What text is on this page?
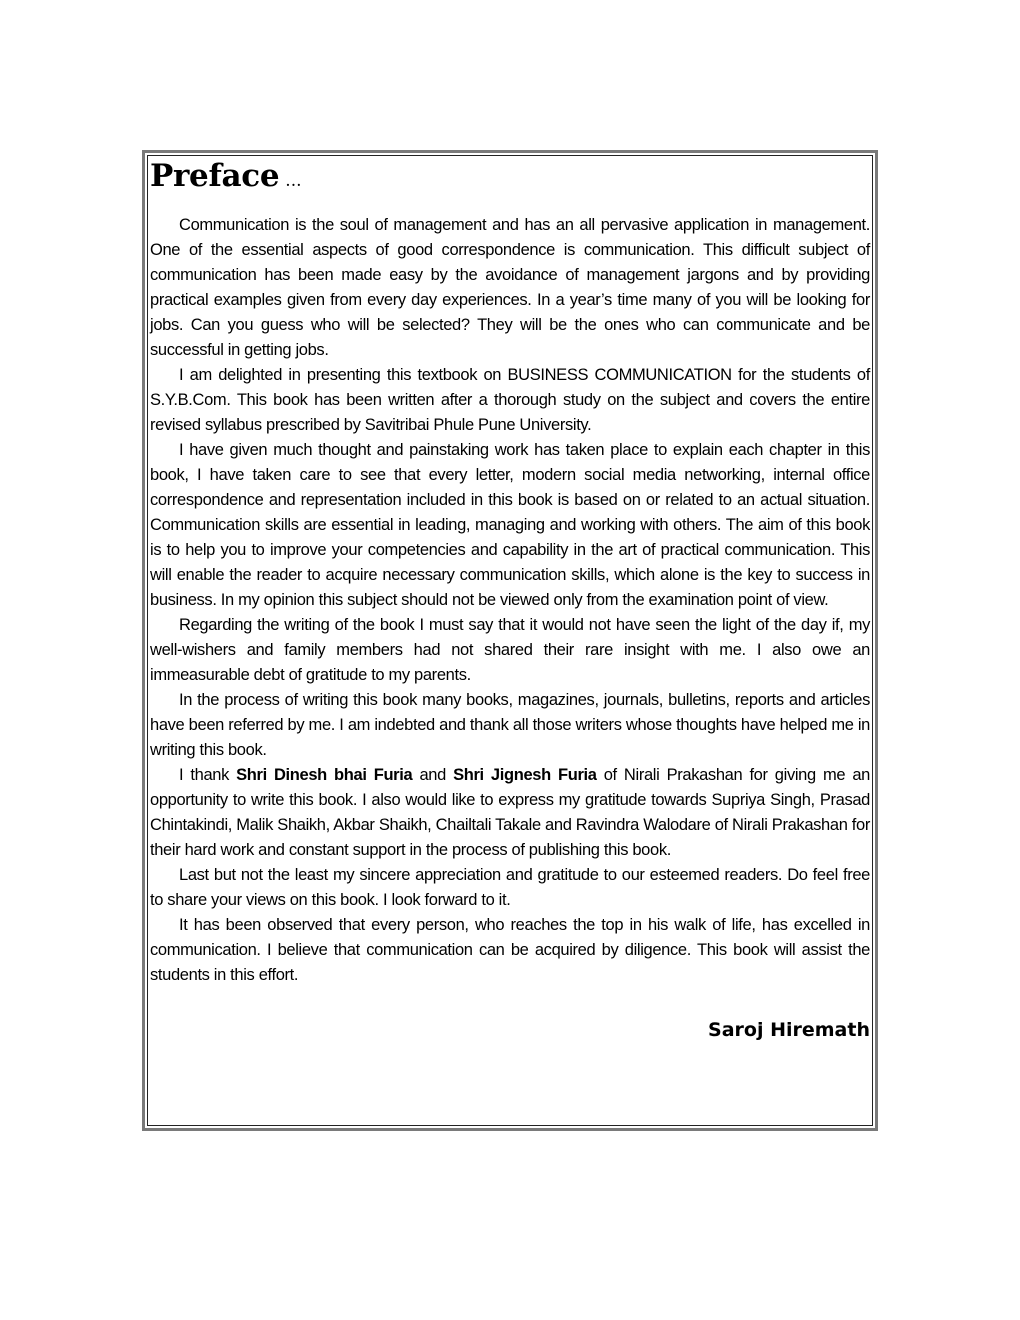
Preface ...

Communication is the soul of management and has an all pervasive application in management. One of the essential aspects of good correspondence is communication. This difficult subject of communication has been made easy by the avoidance of management jargons and by providing practical examples given from every day experiences. In a year’s time many of you will be looking for jobs. Can you guess who will be selected? They will be the ones who can communicate and be successful in getting jobs.

I am delighted in presenting this textbook on BUSINESS COMMUNICATION for the students of S.Y.B.Com. This book has been written after a thorough study on the subject and covers the entire revised syllabus prescribed by Savitribai Phule Pune University.

I have given much thought and painstaking work has taken place to explain each chapter in this book, I have taken care to see that every letter, modern social media networking, internal office correspondence and representation included in this book is based on or related to an actual situation. Communication skills are essential in leading, managing and working with others. The aim of this book is to help you to improve your competencies and capability in the art of practical communication. This will enable the reader to acquire necessary communication skills, which alone is the key to success in business. In my opinion this subject should not be viewed only from the examination point of view.

Regarding the writing of the book I must say that it would not have seen the light of the day if, my well-wishers and family members had not shared their rare insight with me. I also owe an immeasurable debt of gratitude to my parents.

In the process of writing this book many books, magazines, journals, bulletins, reports and articles have been referred by me. I am indebted and thank all those writers whose thoughts have helped me in writing this book.

I thank Shri Dinesh bhai Furia and Shri Jignesh Furia of Nirali Prakashan for giving me an opportunity to write this book. I also would like to express my gratitude towards Supriya Singh, Prasad Chintakindi, Malik Shaikh, Akbar Shaikh, Chailtali Takale and Ravindra Walodare of Nirali Prakashan for their hard work and constant support in the process of publishing this book.

Last but not the least my sincere appreciation and gratitude to our esteemed readers. Do feel free to share your views on this book. I look forward to it.

It has been observed that every person, who reaches the top in his walk of life, has excelled in communication. I believe that communication can be acquired by diligence. This book will assist the students in this effort.

Saroj Hiremath
